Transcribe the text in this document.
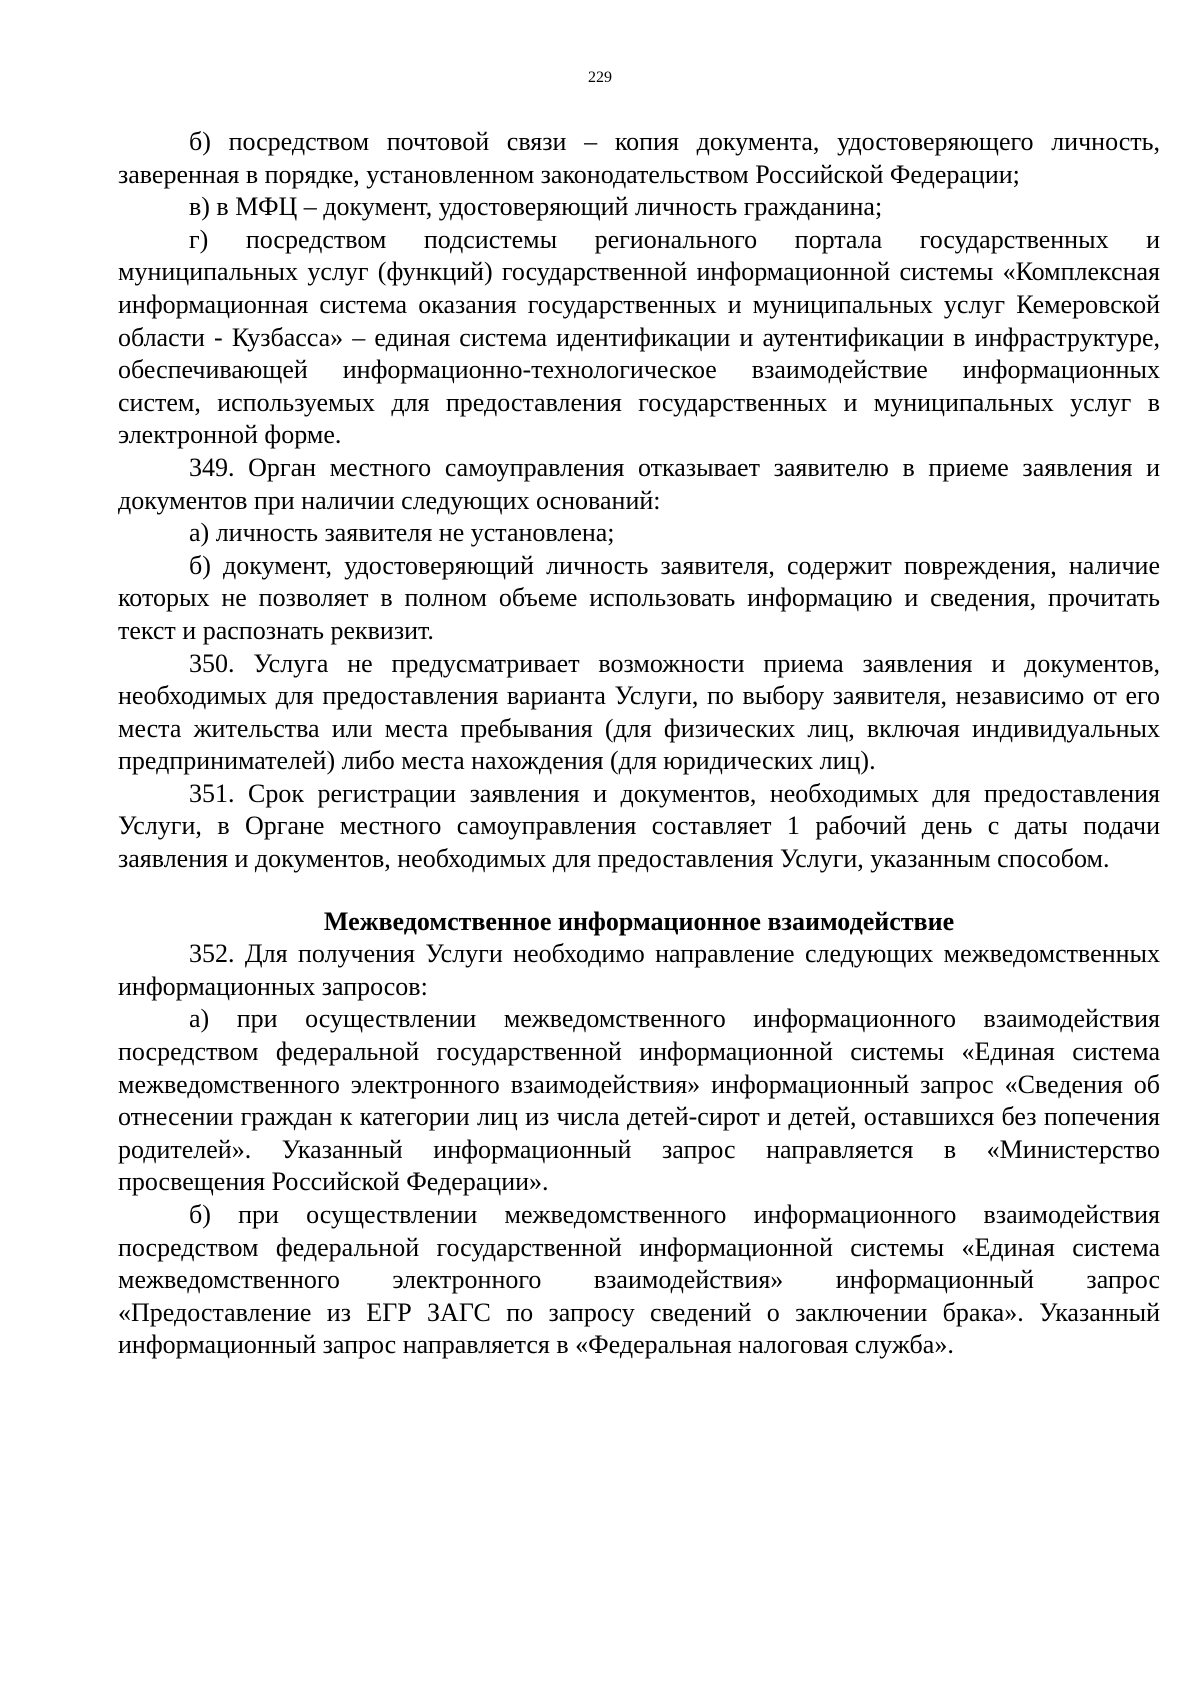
229

б) посредством почтовой связи – копия документа, удостоверяющего личность, заверенная в порядке, установленном законодательством Российской Федерации;

в) в МФЦ – документ, удостоверяющий личность гражданина;

г) посредством подсистемы регионального портала государственных и муниципальных услуг (функций) государственной информационной системы «Комплексная информационная система оказания государственных и муниципальных услуг Кемеровской области - Кузбасса» – единая система идентификации и аутентификации в инфраструктуре, обеспечивающей информационно-технологическое взаимодействие информационных систем, используемых для предоставления государственных и муниципальных услуг в электронной форме.

349. Орган местного самоуправления отказывает заявителю в приеме заявления и документов при наличии следующих оснований:

а) личность заявителя не установлена;

б) документ, удостоверяющий личность заявителя, содержит повреждения, наличие которых не позволяет в полном объеме использовать информацию и сведения, прочитать текст и распознать реквизит.

350. Услуга не предусматривает возможности приема заявления и документов, необходимых для предоставления варианта Услуги, по выбору заявителя, независимо от его места жительства или места пребывания (для физических лиц, включая индивидуальных предпринимателей) либо места нахождения (для юридических лиц).

351. Срок регистрации заявления и документов, необходимых для предоставления Услуги, в Органе местного самоуправления составляет 1 рабочий день с даты подачи заявления и документов, необходимых для предоставления Услуги, указанным способом.

Межведомственное информационное взаимодействие

352. Для получения Услуги необходимо направление следующих межведомственных информационных запросов:

а) при осуществлении межведомственного информационного взаимодействия посредством федеральной государственной информационной системы «Единая система межведомственного электронного взаимодействия» информационный запрос «Сведения об отнесении граждан к категории лиц из числа детей-сирот и детей, оставшихся без попечения родителей». Указанный информационный запрос направляется в «Министерство просвещения Российской Федерации».

б) при осуществлении межведомственного информационного взаимодействия посредством федеральной государственной информационной системы «Единая система межведомственного электронного взаимодействия» информационный запрос «Предоставление из ЕГР ЗАГС по запросу сведений о заключении брака». Указанный информационный запрос направляется в «Федеральная налоговая служба».
